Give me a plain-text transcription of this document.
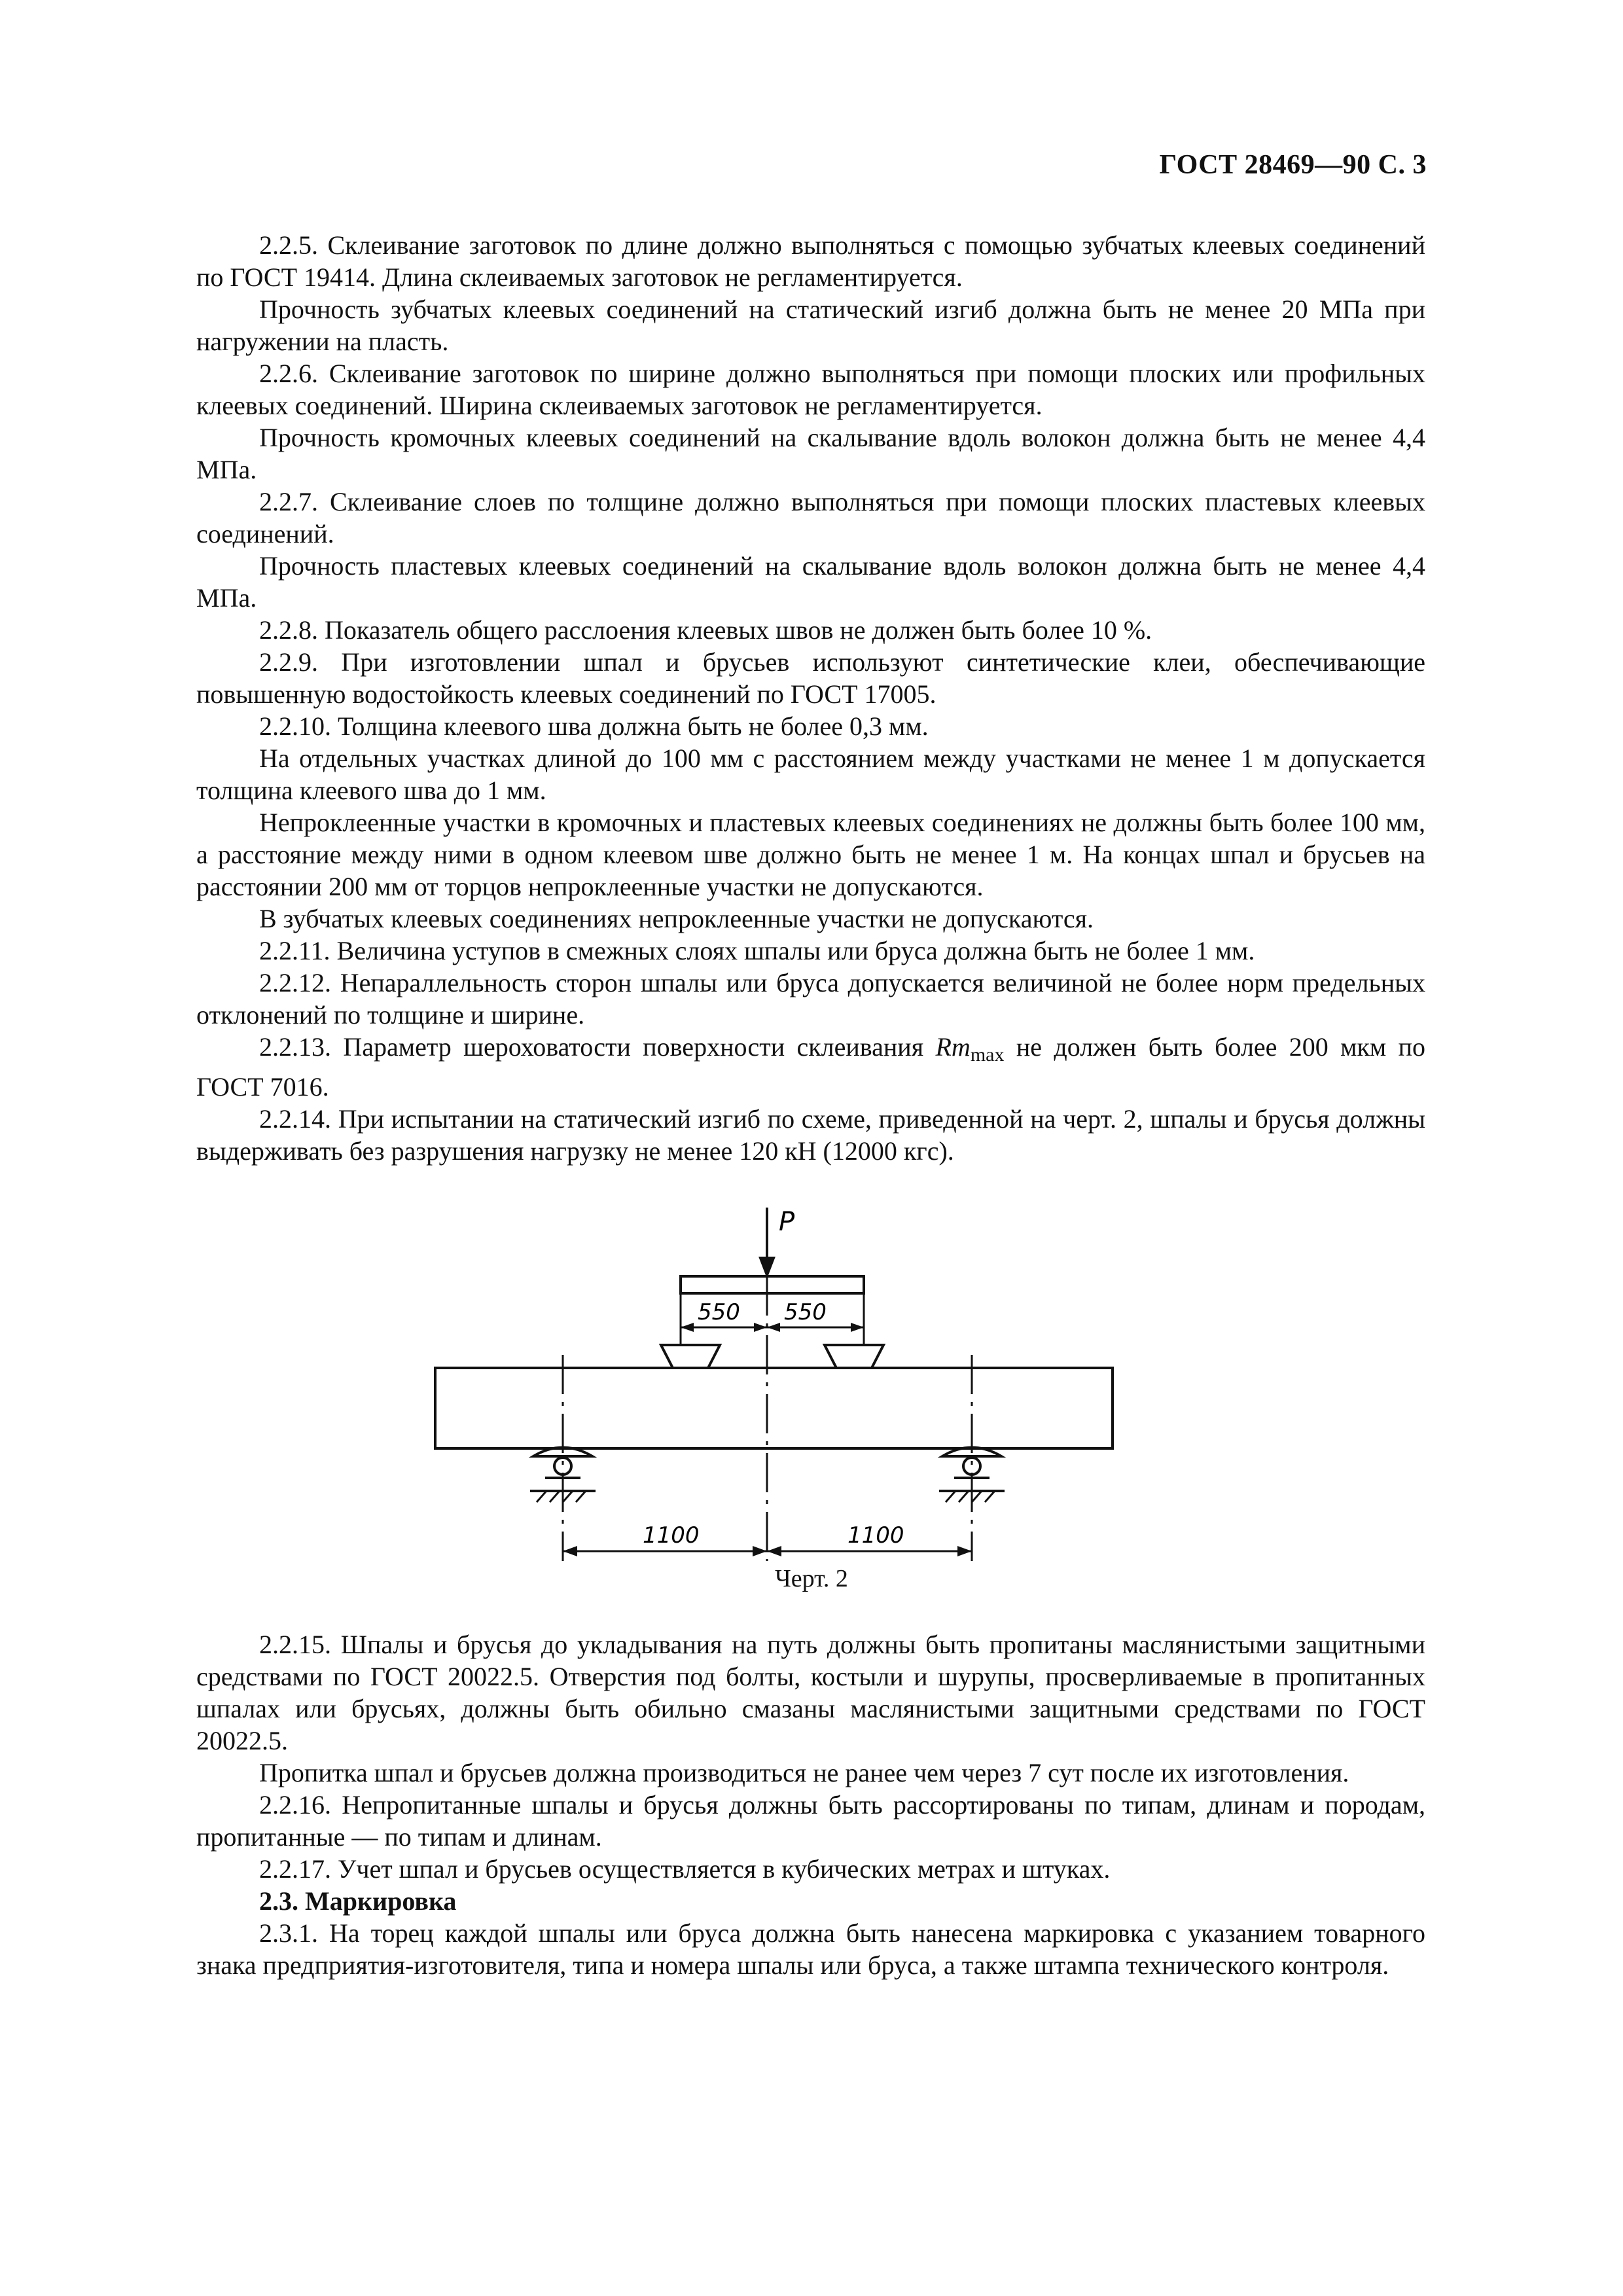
ГОСТ 28469—90 С. 3

2.2.5. Склеивание заготовок по длине должно выполняться с помощью зубчатых клеевых соединений по ГОСТ 19414. Длина склеиваемых заготовок не регламентируется.

Прочность зубчатых клеевых соединений на статический изгиб должна быть не менее 20 МПа при нагружении на пласть.

2.2.6. Склеивание заготовок по ширине должно выполняться при помощи плоских или профильных клеевых соединений. Ширина склеиваемых заготовок не регламентируется.

Прочность кромочных клеевых соединений на скалывание вдоль волокон должна быть не менее 4,4 МПа.

2.2.7. Склеивание слоев по толщине должно выполняться при помощи плоских пластевых клеевых соединений.

Прочность пластевых клеевых соединений на скалывание вдоль волокон должна быть не менее 4,4 МПа.

2.2.8. Показатель общего расслоения клеевых швов не должен быть более 10 %.

2.2.9. При изготовлении шпал и брусьев используют синтетические клеи, обеспечивающие повышенную водостойкость клеевых соединений по ГОСТ 17005.

2.2.10. Толщина клеевого шва должна быть не более 0,3 мм.

На отдельных участках длиной до 100 мм с расстоянием между участками не менее 1 м допускается толщина клеевого шва до 1 мм.

Непроклеенные участки в кромочных и пластевых клеевых соединениях не должны быть более 100 мм, а расстояние между ними в одном клеевом шве должно быть не менее 1 м. На концах шпал и брусьев на расстоянии 200 мм от торцов непроклеенные участки не допускаются.

В зубчатых клеевых соединениях непроклеенные участки не допускаются.

2.2.11. Величина уступов в смежных слоях шпалы или бруса должна быть не более 1 мм.

2.2.12. Непараллельность сторон шпалы или бруса допускается величиной не более норм предельных отклонений по толщине и ширине.

2.2.13. Параметр шероховатости поверхности склеивания $Rm_{max}$ не должен быть более 200 мкм по ГОСТ 7016.

2.2.14. При испытании на статический изгиб по схеме, приведенной на черт. 2, шпалы и брусья должны выдерживать без разрушения нагрузку не менее 120 кН (12000 кгс).

P
550 550
1100	1100
Черт. 2

2.2.15. Шпалы и брусья до укладывания на путь должны быть пропитаны маслянистыми защитными средствами по ГОСТ 20022.5. Отверстия под болты, костыли и шурупы, просверливаемые в пропитанных шпалах или брусьях, должны быть обильно смазаны маслянистыми защитными средствами по ГОСТ 20022.5.

Пропитка шпал и брусьев должна производиться не ранее чем через 7 сут после их изготовления.

2.2.16. Непропитанные шпалы и брусья должны быть рассортированы по типам, длинам и породам, пропитанные — по типам и длинам.

2.2.17. Учет шпал и брусьев осуществляется в кубических метрах и штуках.

2.3. Маркировка

2.3.1. На торец каждой шпалы или бруса должна быть нанесена маркировка с указанием товарного знака предприятия-изготовителя, типа и номера шпалы или бруса, а также штампа технического контроля.
